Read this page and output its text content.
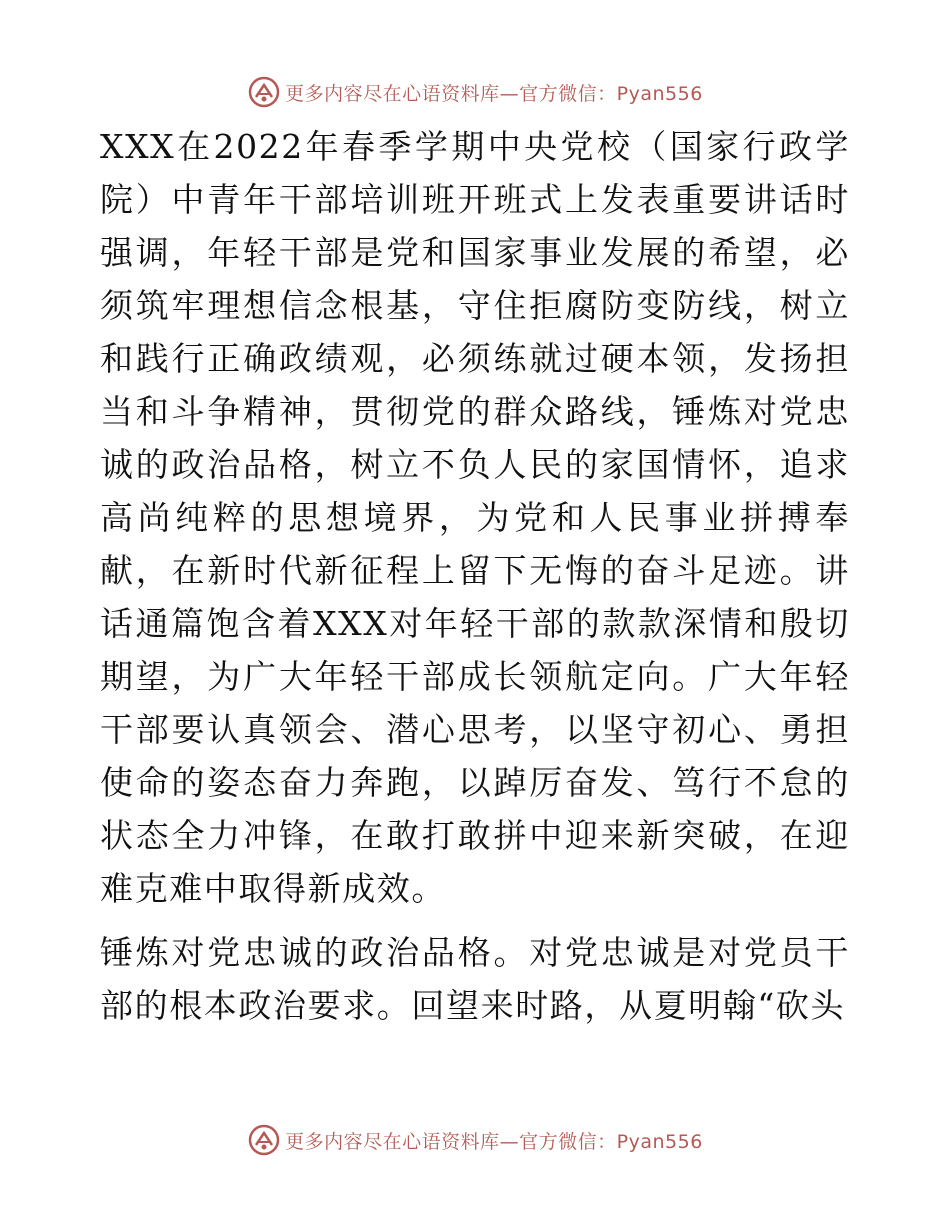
更多内容尽在心语资料库—官方微信：Pyan556

XXX在2022年春季学期中央党校（国家行政学院）中青年干部培训班开班式上发表重要讲话时强调，年轻干部是党和国家事业发展的希望，必须筑牢理想信念根基，守住拒腐防变防线，树立和践行正确政绩观，必须练就过硬本领，发扬担当和斗争精神，贯彻党的群众路线，锤炼对党忠诚的政治品格，树立不负人民的家国情怀，追求高尚纯粹的思想境界，为党和人民事业拼搏奉献，在新时代新征程上留下无悔的奋斗足迹。讲话通篇饱含着XXX对年轻干部的款款深情和殷切期望，为广大年轻干部成长领航定向。广大年轻干部要认真领会、潜心思考，以坚守初心、勇担使命的姿态奋力奔跑，以踔厉奋发、笃行不怠的状态全力冲锋，在敢打敢拼中迎来新突破，在迎难克难中取得新成效。

锤炼对党忠诚的政治品格。对党忠诚是对党员干部的根本政治要求。回望来时路，从夏明翰“砍头

更多内容尽在心语资料库—官方微信：Pyan556
